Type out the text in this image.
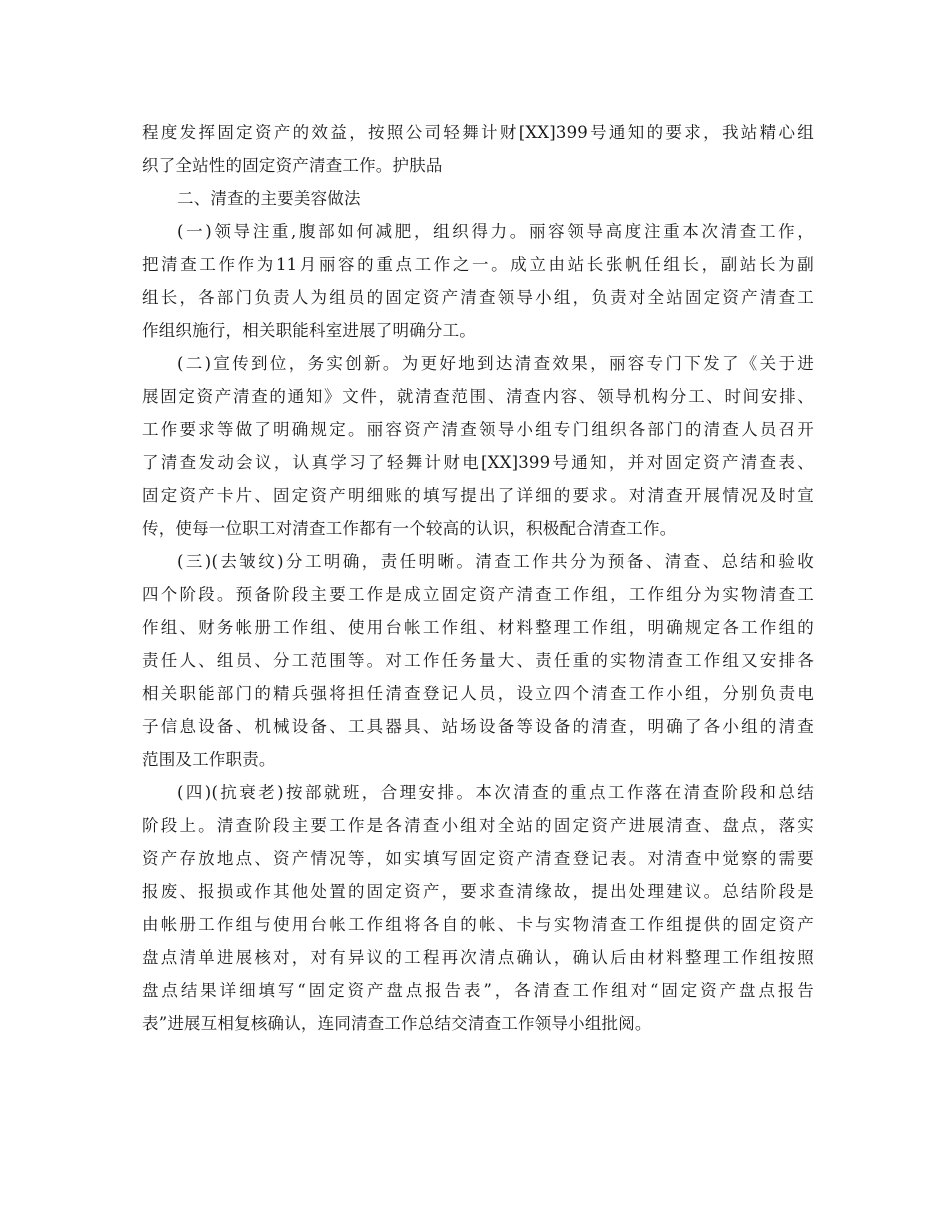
程度发挥固定资产的效益，按照公司轻舞计财[XX]399号通知的要求，我站精心组
织了全站性的固定资产清查工作。护肤品
二、清查的主要美容做法
(一)领导注重,腹部如何减肥，组织得力。丽容领导高度注重本次清查工作，
把清查工作作为11月丽容的重点工作之一。成立由站长张帆任组长，副站长为副
组长，各部门负责人为组员的固定资产清查领导小组，负责对全站固定资产清查工
作组织施行，相关职能科室进展了明确分工。
(二)宣传到位，务实创新。为更好地到达清查效果，丽容专门下发了《关于进
展固定资产清查的通知》文件，就清查范围、清查内容、领导机构分工、时间安排、
工作要求等做了明确规定。丽容资产清查领导小组专门组织各部门的清查人员召开
了清查发动会议，认真学习了轻舞计财电[XX]399号通知，并对固定资产清查表、
固定资产卡片、固定资产明细账的填写提出了详细的要求。对清查开展情况及时宣
传，使每一位职工对清查工作都有一个较高的认识，积极配合清查工作。
(三)(去皱纹)分工明确，责任明晰。清查工作共分为预备、清查、总结和验收
四个阶段。预备阶段主要工作是成立固定资产清查工作组，工作组分为实物清查工
作组、财务帐册工作组、使用台帐工作组、材料整理工作组，明确规定各工作组的
责任人、组员、分工范围等。对工作任务量大、责任重的实物清查工作组又安排各
相关职能部门的精兵强将担任清查登记人员，设立四个清查工作小组，分别负责电
子信息设备、机械设备、工具器具、站场设备等设备的清查，明确了各小组的清查
范围及工作职责。
(四)(抗衰老)按部就班，合理安排。本次清查的重点工作落在清查阶段和总结
阶段上。清查阶段主要工作是各清查小组对全站的固定资产进展清查、盘点，落实
资产存放地点、资产情况等，如实填写固定资产清查登记表。对清查中觉察的需要
报废、报损或作其他处置的固定资产，要求查清缘故，提出处理建议。总结阶段是
由帐册工作组与使用台帐工作组将各自的帐、卡与实物清查工作组提供的固定资产
盘点清单进展核对，对有异议的工程再次清点确认，确认后由材料整理工作组按照
盘点结果详细填写“固定资产盘点报告表”，各清查工作组对“固定资产盘点报告
表”进展互相复核确认，连同清查工作总结交清查工作领导小组批阅。
